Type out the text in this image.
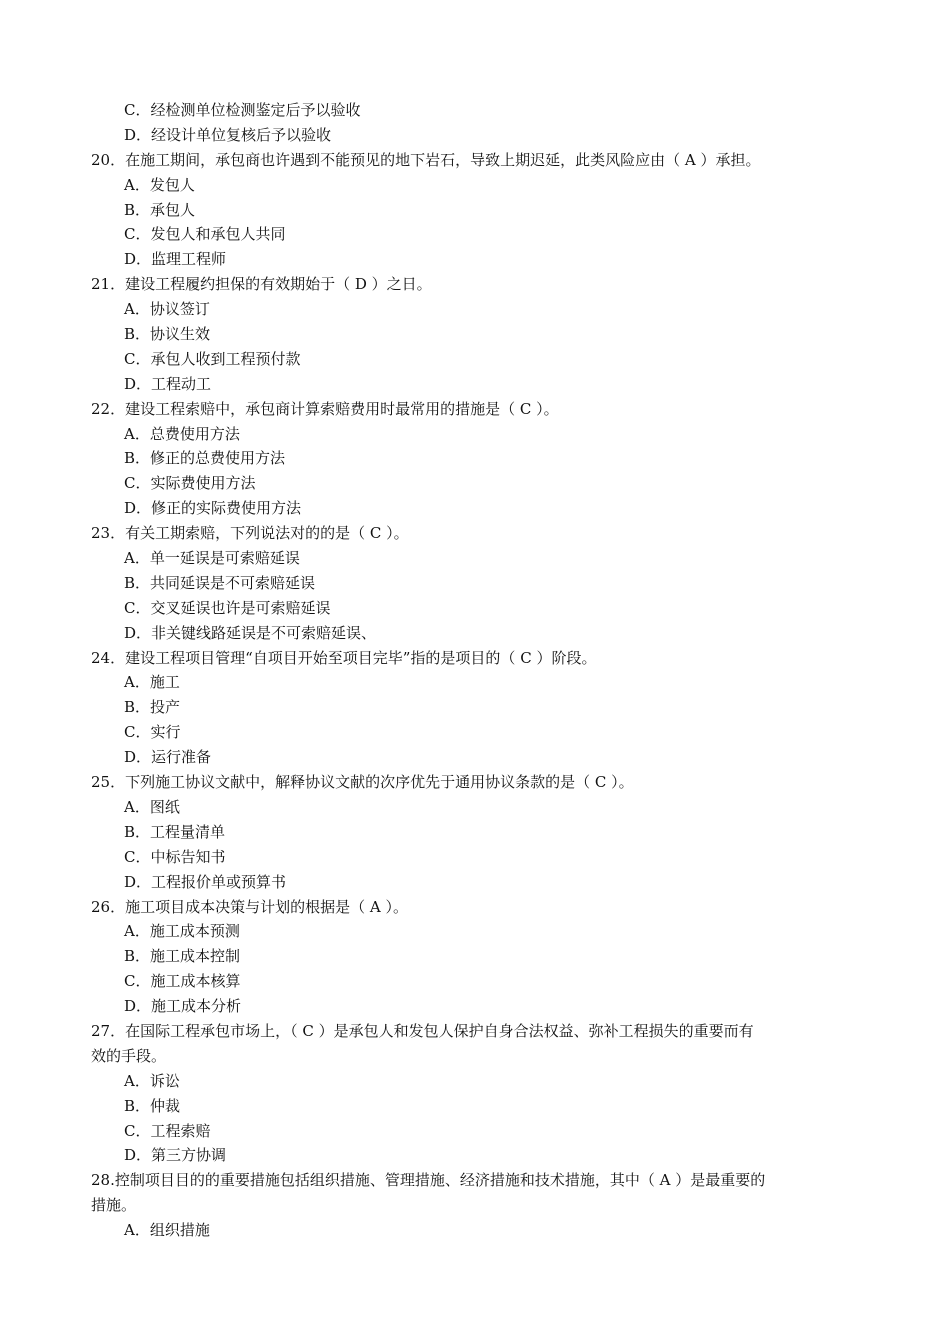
C．经检测单位检测鉴定后予以验收
D．经设计单位复核后予以验收
20．在施工期间，承包商也许遇到不能预见的地下岩石，导致上期迟延，此类风险应由（ A ）承担。
A．发包人
B．承包人
C．发包人和承包人共同
D．监理工程师
21．建设工程履约担保的有效期始于（ D ）之日。
A．协议签订
B．协议生效
C．承包人收到工程预付款
D．工程动工
22．建设工程索赔中，承包商计算索赔费用时最常用的措施是（ C ）。
A．总费使用方法
B．修正的总费使用方法
C．实际费使用方法
D．修正的实际费使用方法
23．有关工期索赔，下列说法对的的是（ C ）。
A．单一延误是可索赔延误
B．共同延误是不可索赔延误
C．交叉延误也许是可索赔延误
D．非关键线路延误是不可索赔延误、
24．建设工程项目管理“自项目开始至项目完毕”指的是项目的（ C ）阶段。
A．施工
B．投产
C．实行
D．运行准备
25．下列施工协议文献中，解释协议文献的次序优先于通用协议条款的是（ C ）。
A．图纸
B．工程量清单
C．中标告知书
D．工程报价单或预算书
26．施工项目成本决策与计划的根据是（ A ）。
A．施工成本预测
B．施工成本控制
C．施工成本核算
D．施工成本分析
27．在国际工程承包市场上，（ C ）是承包人和发包人保护自身合法权益、弥补工程损失的重要而有
效的手段。
A．诉讼
B．仲裁
C．工程索赔
D．第三方协调
28.控制项目目的的重要措施包括组织措施、管理措施、经济措施和技术措施，其中（ A ）是最重要的
措施。
A．组织措施
